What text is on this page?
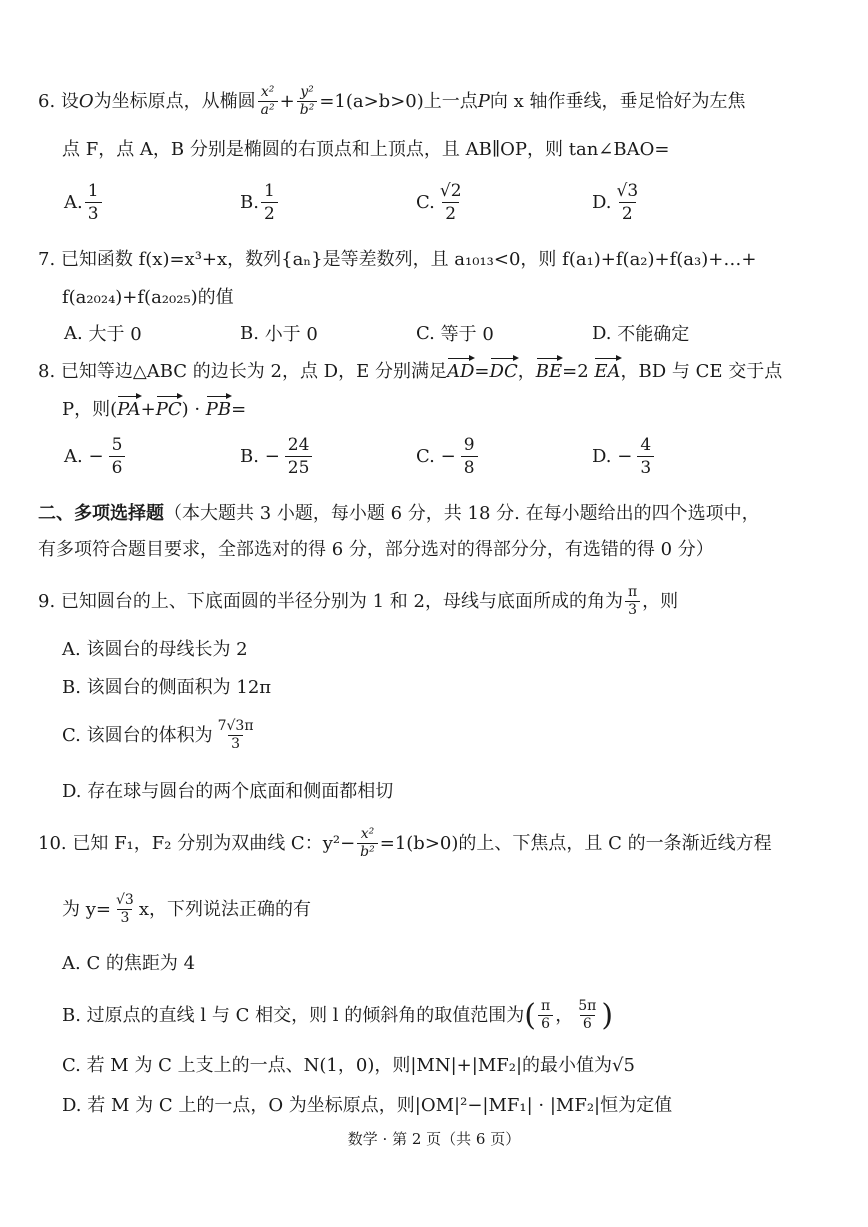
6. 设 O 为坐标原点，从椭圆 $\frac{\text{x²}}{\text{a²}} + \frac{\text{y²}}{\text{b²}} =1(a>b>0)$上一点 P 向 x 轴作垂线，垂足恰好为左焦
点 F，点 A，B 分别是椭圆的右顶点和上顶点，且 AB∥OP，则 tan∠BAO=
A. $\frac{1}{3}$	B. $\frac{1}{2}$	C. $\frac{√2}{2}$	D. $\frac{√3}{2}$
7. 已知函数 f(x)=x³+x，数列{aₙ}是等差数列，且 a₁₀₁₃<0，则 f(a₁)+f(a₂)+f(a₃)+…+
f(a₂₀₂₄)+f(a₂₀₂₅)的值
A.
大于 0	B.
小于 0	C.
等于 0	D.
不能确定
8. 已知等边△ABC 的边长为 2，点 D，E 分别满足AD=DC，BE=2 EA，BD 与 CE 交于点
P，则(PA+PC) · PB=
A.
− $\frac{5}{6}$	B.
− $\frac{24}{25}$	C.
− $\frac{9}{8}$	D.
− $\frac{4}{3}$
二、多项选择题（本大题共 3 小题，每小题 6 分，共 18 分. 在每小题给出的四个选项中，
有多项符合题目要求，全部选对的得 6 分，部分选对的得部分分，有选错的得 0 分）
9. 已知圆台的上、下底面圆的半径分别为 1 和 2，母线与底面所成的角为 $\frac{\pi}{3}$ ，则
A. 该圆台的母线长为 2
B. 该圆台的侧面积为 12π
C. 该圆台的体积为 $\frac{7√3\pi}{3}$
D. 存在球与圆台的两个底面和侧面都相切
10. 已知 F₁，F₂ 分别为双曲线 C：$y^2- \frac{\text{x²}}{\text{b²}} =1(b>0)$的上、下焦点，且 C 的一条渐近线方程
为 $y= \frac{√3}{3}$ x，下列说法正确的有
A. C 的焦距为 4
B. 过原点的直线 l 与 C 相交，则 l 的倾斜角的取值范围为 ( $\frac{\pi}{6}$ ， $\frac{5\pi}{6}$ )
C. 若 M 为 C 上支上的一点、N(1，0)，则|MN|+|MF₂|的最小值为√5
D. 若 M 为 C 上的一点，O 为坐标原点，则|OM|²−|MF₁| · |MF₂|恒为定值
数学 · 第 2 页（共 6 页）
